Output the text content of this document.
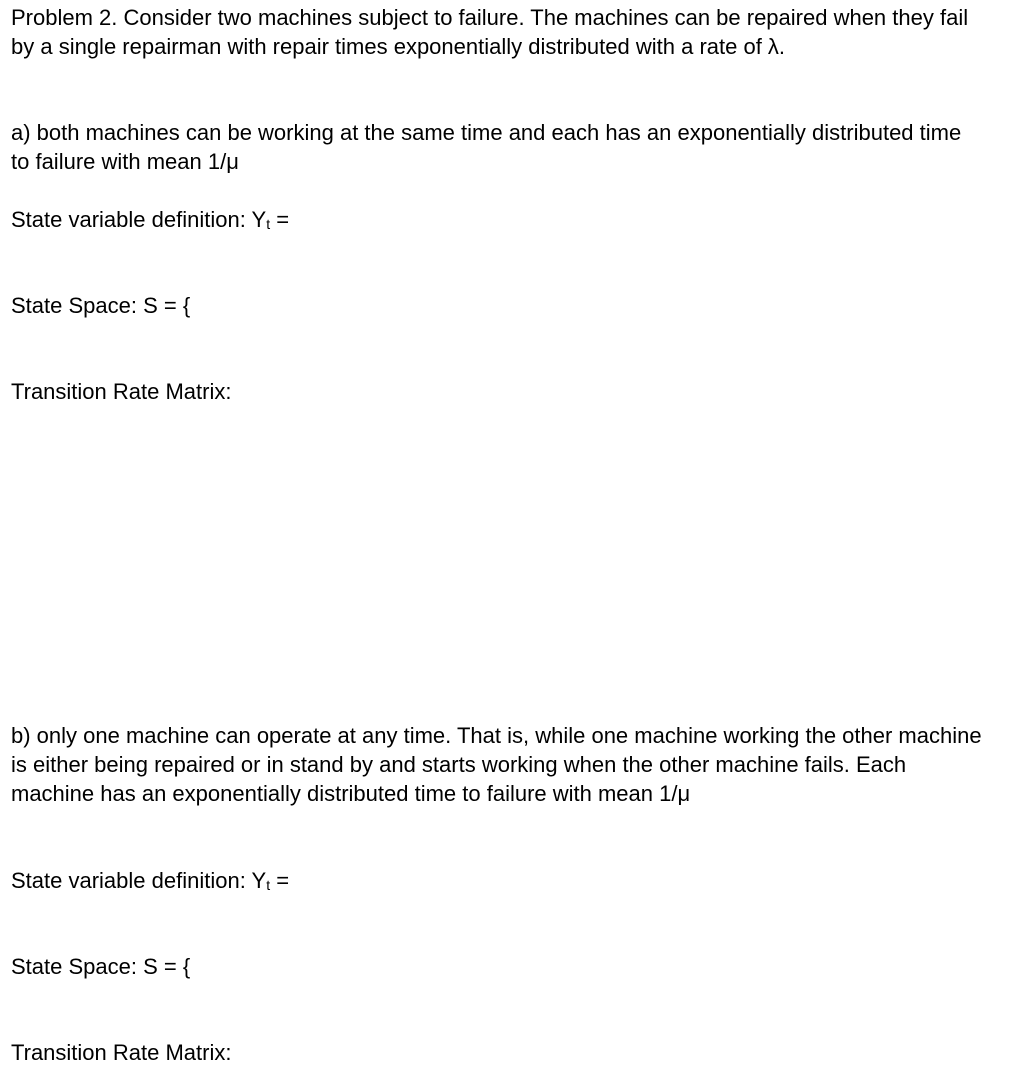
Problem 2. Consider two machines subject to failure. The machines can be repaired when they fail by a single repairman with repair times exponentially distributed with a rate of λ.

a) both machines can be working at the same time and each has an exponentially distributed time to failure with mean 1/μ

State variable definition: Yt =

State Space: S = {

Transition Rate Matrix:

b) only one machine can operate at any time. That is, while one machine working the other machine is either being repaired or in stand by and starts working when the other machine fails. Each machine has an exponentially distributed time to failure with mean 1/μ

State variable definition: Yt =

State Space: S = {

Transition Rate Matrix:
